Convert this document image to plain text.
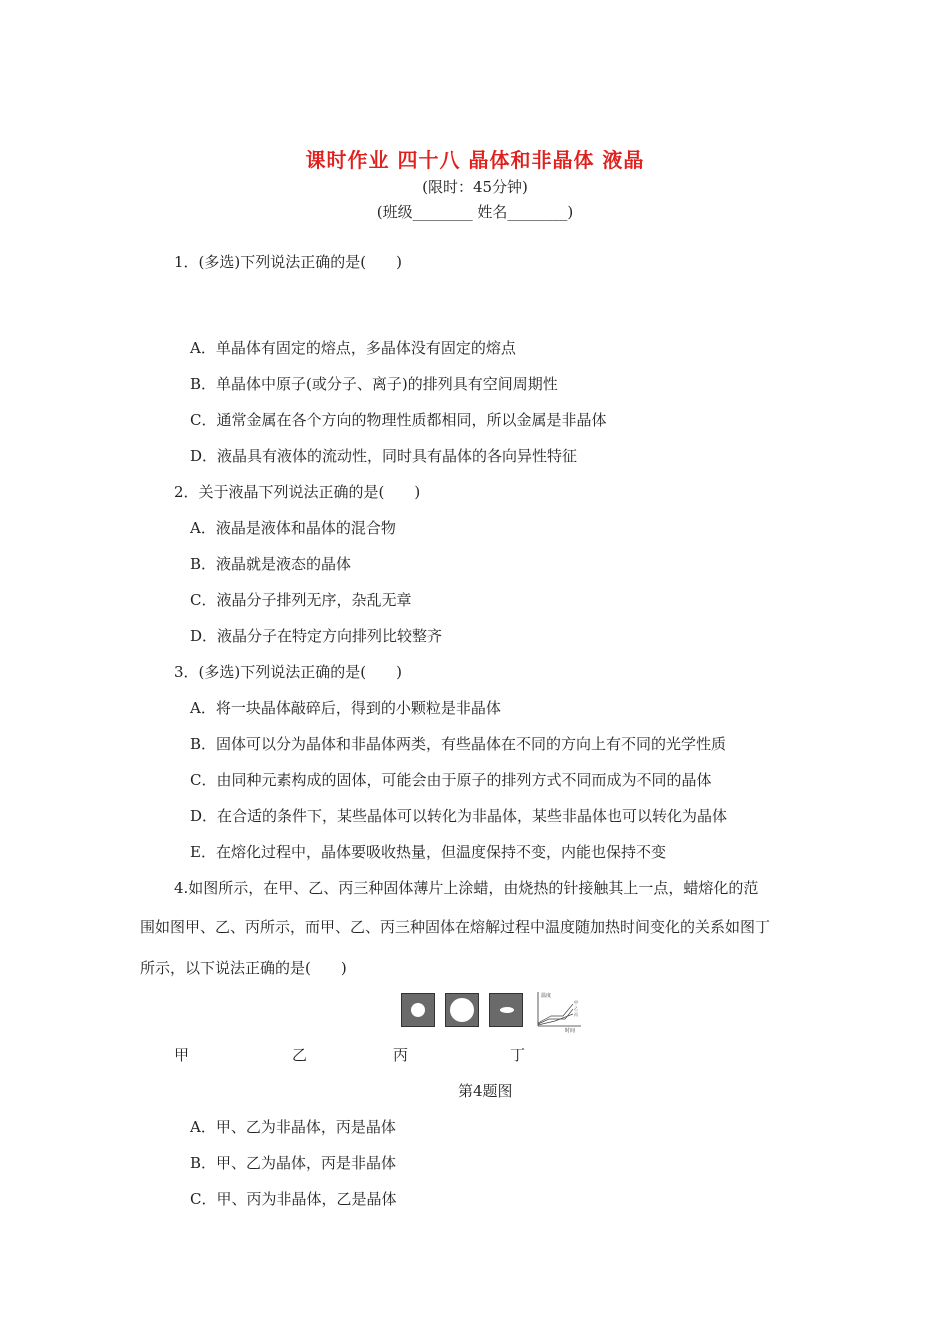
课时作业 四十八 晶体和非晶体 液晶
(限时：45分钟)
(班级________ 姓名________)
1．(多选)下列说法正确的是(　　)
A．单晶体有固定的熔点，多晶体没有固定的熔点
B．单晶体中原子(或分子、离子)的排列具有空间周期性
C．通常金属在各个方向的物理性质都相同，所以金属是非晶体
D．液晶具有液体的流动性，同时具有晶体的各向异性特征
2．关于液晶下列说法正确的是(　　)
A．液晶是液体和晶体的混合物
B．液晶就是液态的晶体
C．液晶分子排列无序，杂乱无章
D．液晶分子在特定方向排列比较整齐
3．(多选)下列说法正确的是(　　)
A．将一块晶体敲碎后，得到的小颗粒是非晶体
B．固体可以分为晶体和非晶体两类，有些晶体在不同的方向上有不同的光学性质
C．由同种元素构成的固体，可能会由于原子的排列方式不同而成为不同的晶体
D．在合适的条件下，某些晶体可以转化为非晶体，某些非晶体也可以转化为晶体
E．在熔化过程中，晶体要吸收热量，但温度保持不变，内能也保持不变
4.如图所示，在甲、乙、丙三种固体薄片上涂蜡，由烧热的针接触其上一点，蜡熔化的范
围如图甲、乙、丙所示，而甲、乙、丙三种固体在熔解过程中温度随加热时间变化的关系如图丁
所示，以下说法正确的是(　　)
温度
时间
甲
乙
丙
甲	乙	丙	丁
第4题图
A．甲、乙为非晶体，丙是晶体
B．甲、乙为晶体，丙是非晶体
C．甲、丙为非晶体，乙是晶体
